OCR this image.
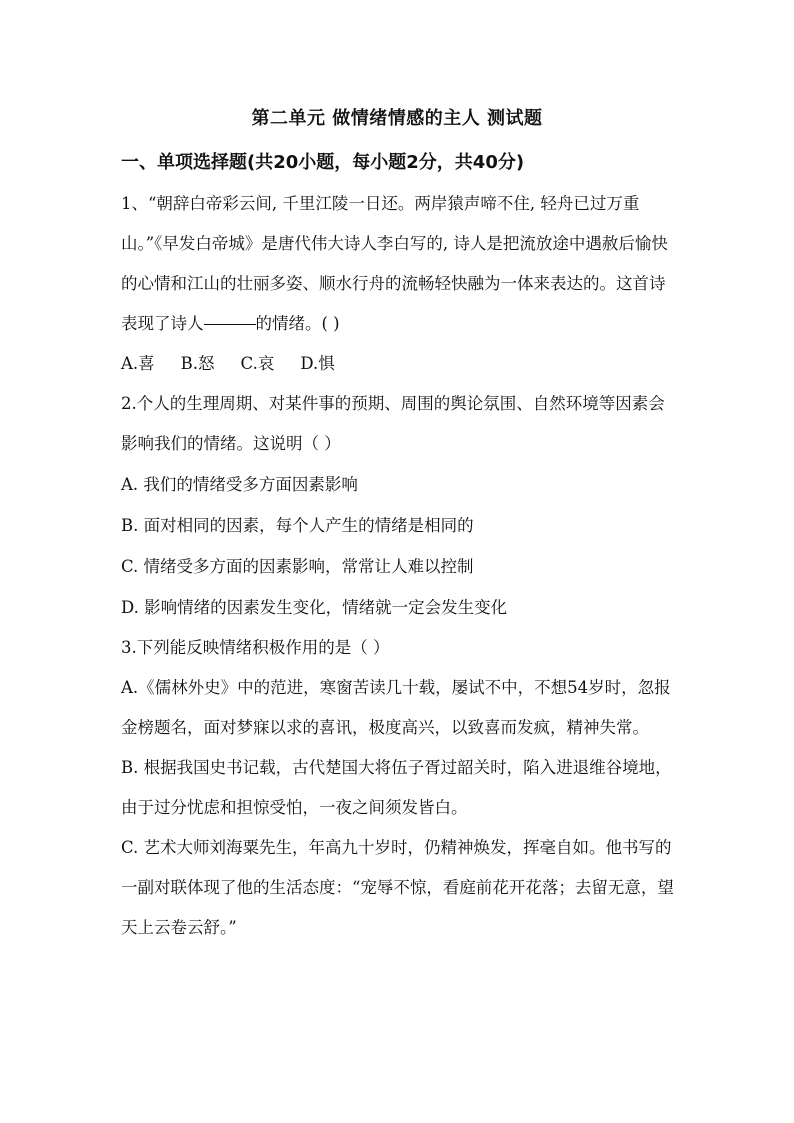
第二单元 做情绪情感的主人 测试题
一、单项选择题(共20小题，每小题2分，共40分)

1、“朝辞白帝彩云间, 千里江陵一日还。两岸猿声啼不住, 轻舟已过万重山。”《早发白帝城》是唐代伟大诗人李白写的, 诗人是把流放途中遇赦后愉快的心情和江山的壮丽多姿、顺水行舟的流畅轻快融为一体来表达的。这首诗表现了诗人	的情绪。( )

A.喜 B.怒 C.哀 D.惧

2.个人的生理周期、对某件事的预期、周围的舆论氛围、自然环境等因素会影响我们的情绪。这说明（ ）

A. 我们的情绪受多方面因素影响

B. 面对相同的因素，每个人产生的情绪是相同的

C. 情绪受多方面的因素影响，常常让人难以控制

D. 影响情绪的因素发生变化，情绪就一定会发生变化

3.下列能反映情绪积极作用的是（ ）

A.《儒林外史》中的范进，寒窗苦读几十载，屡试不中，不想54岁时，忽报金榜题名，面对梦寐以求的喜讯，极度高兴，以致喜而发疯，精神失常。

B. 根据我国史书记载，古代楚国大将伍子胥过韶关时，陷入进退维谷境地，由于过分忧虑和担惊受怕，一夜之间须发皆白。

C. 艺术大师刘海粟先生，年高九十岁时，仍精神焕发，挥毫自如。他书写的一副对联体现了他的生活态度：“宠辱不惊，看庭前花开花落；去留无意，望天上云卷云舒。”
